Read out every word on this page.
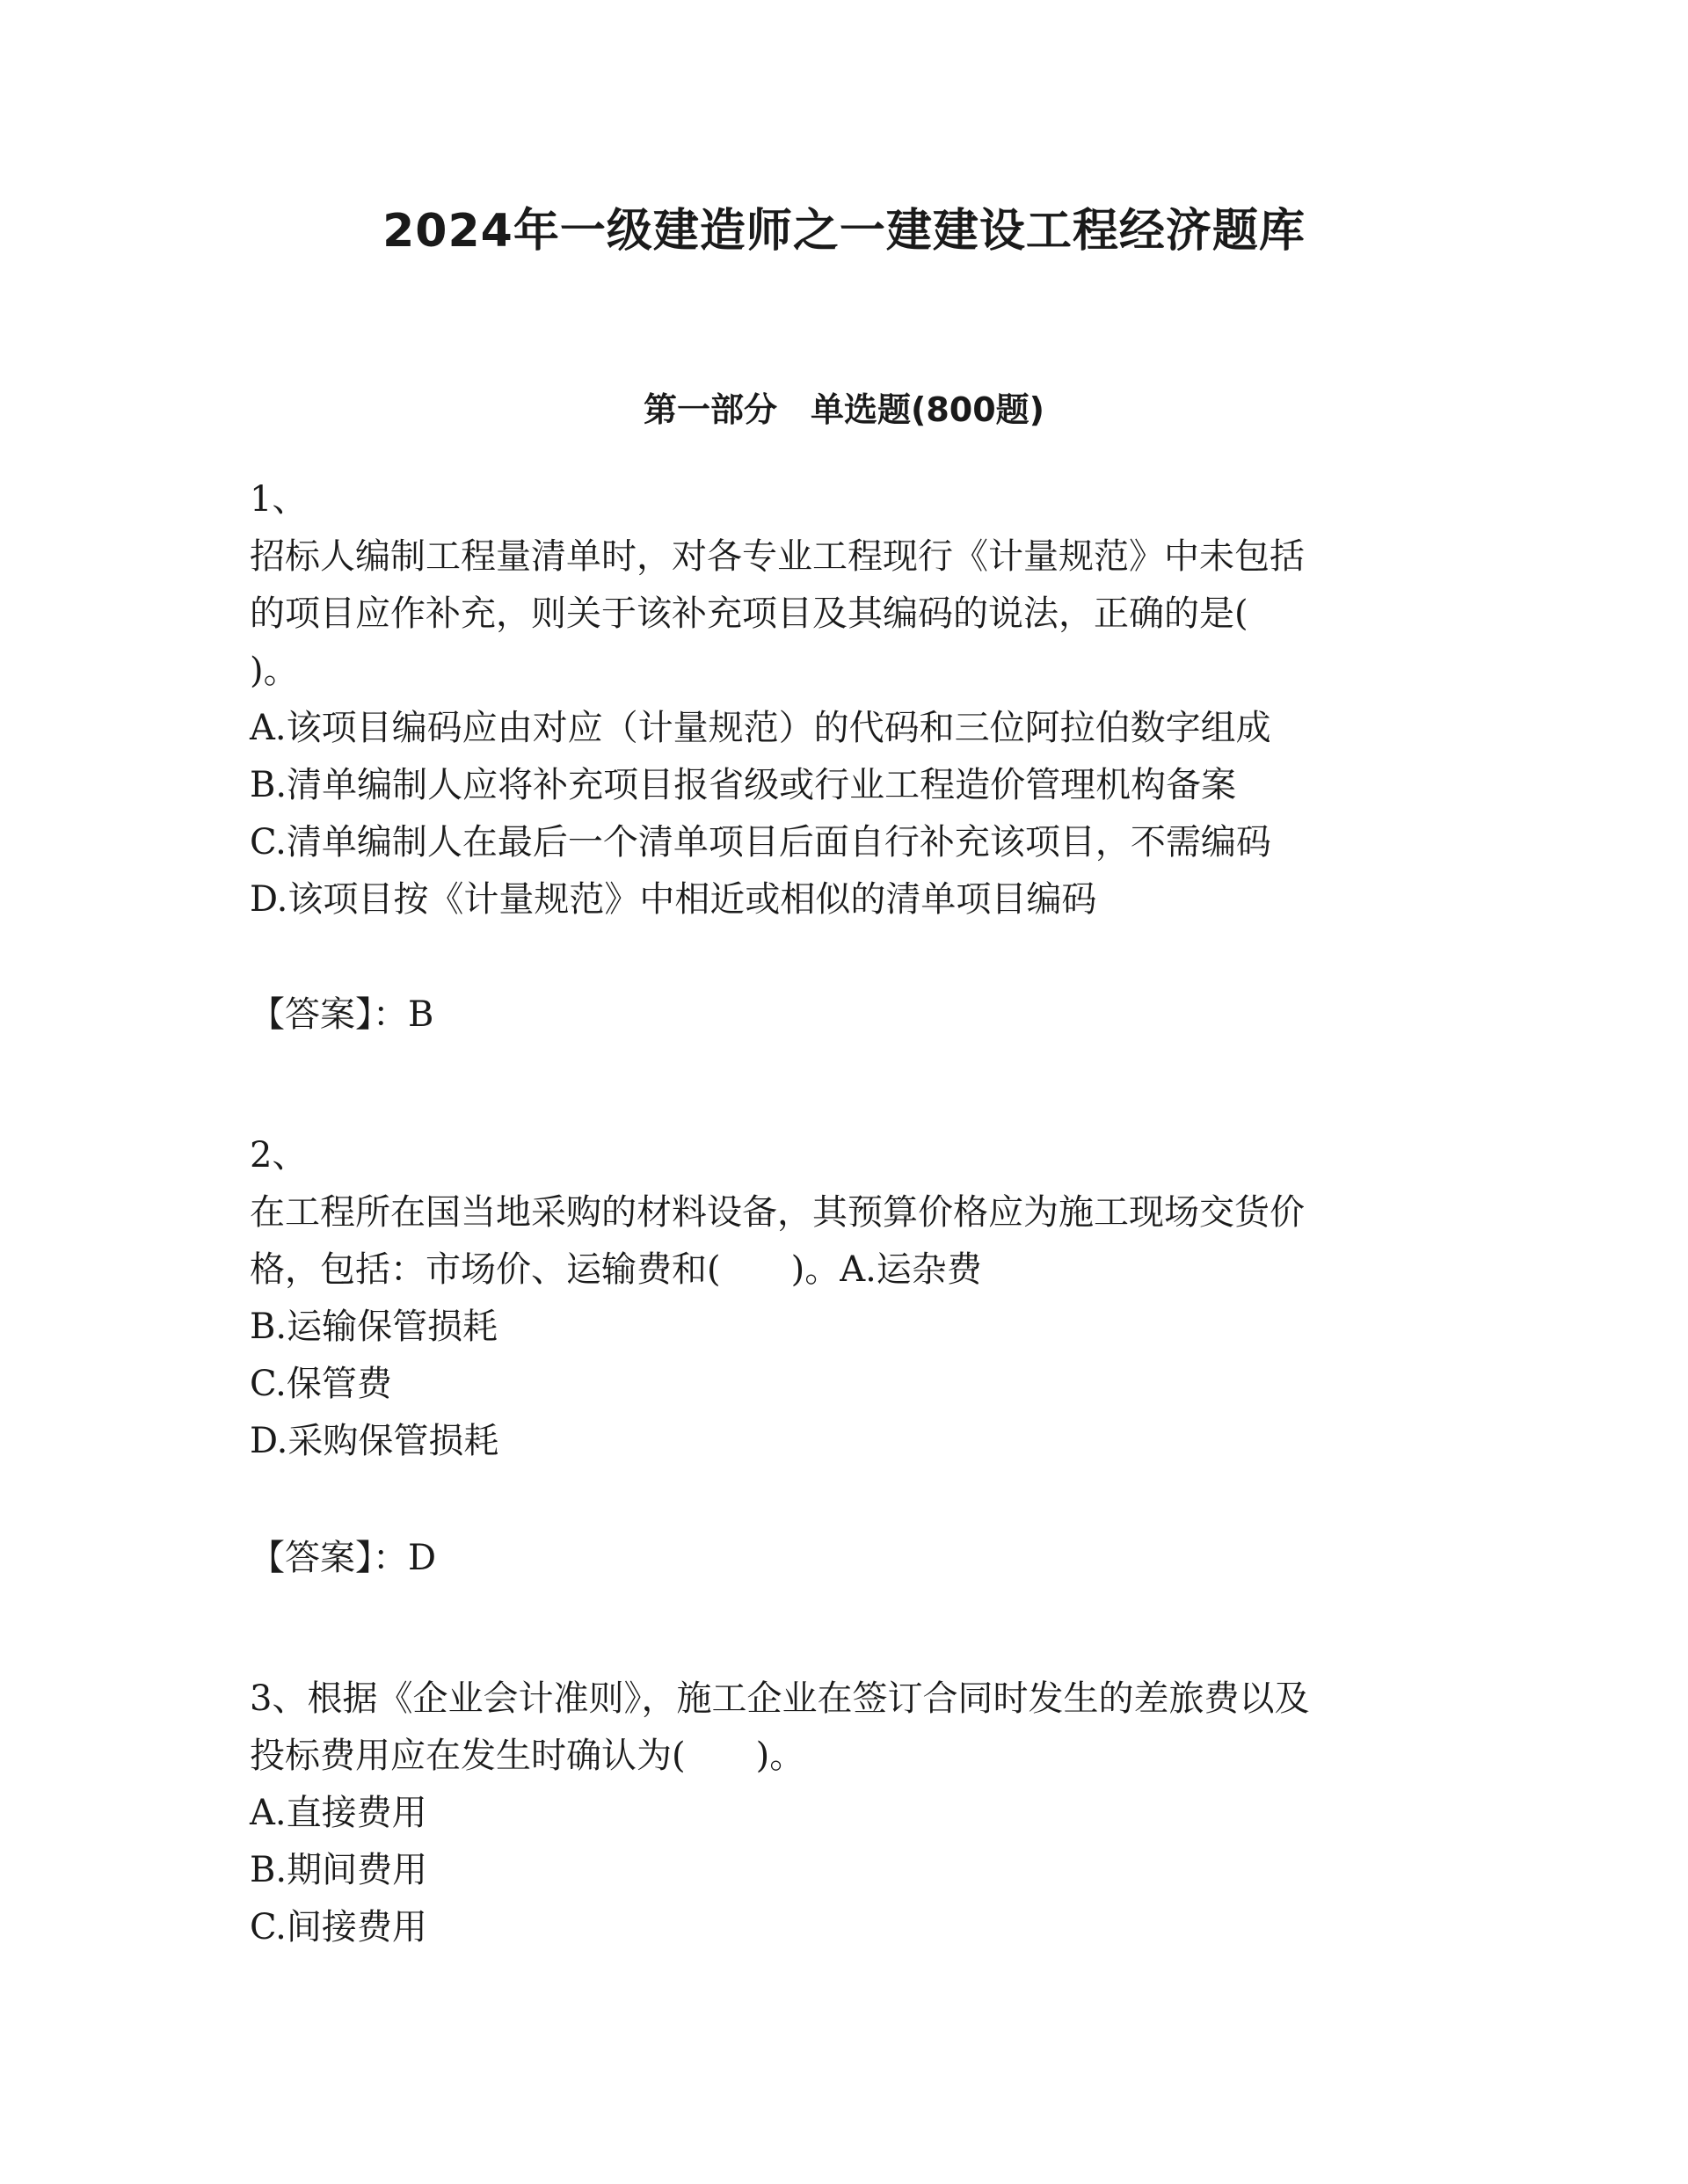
2024年一级建造师之一建建设工程经济题库
第一部分　单选题(800题)

1、

招标人编制工程量清单时，对各专业工程现行《计量规范》中未包括

的项目应作补充，则关于该补充项目及其编码的说法，正确的是(

)。

A.该项目编码应由对应（计量规范）的代码和三位阿拉伯数字组成

B.清单编制人应将补充项目报省级或行业工程造价管理机构备案

C.清单编制人在最后一个清单项目后面自行补充该项目，不需编码

D.该项目按《计量规范》中相近或相似的清单项目编码

【答案】：B

2、

在工程所在国当地采购的材料设备，其预算价格应为施工现场交货价

格，包括：市场价、运输费和(　　)。A.运杂费

B.运输保管损耗

C.保管费

D.采购保管损耗

【答案】：D

3、根据《企业会计准则》，施工企业在签订合同时发生的差旅费以及

投标费用应在发生时确认为(　　)。

A.直接费用

B.期间费用

C.间接费用
